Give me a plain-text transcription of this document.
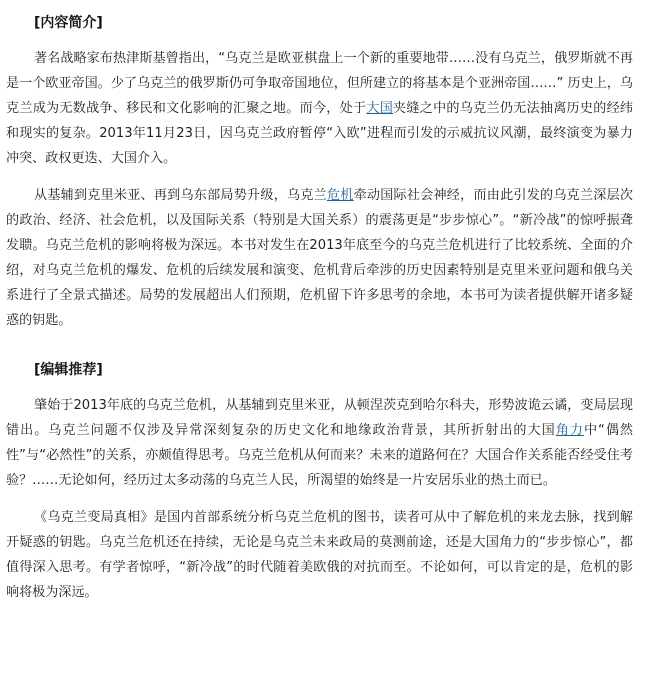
[内容简介]

著名战略家布热津斯基曾指出，“乌克兰是欧亚棋盘上一个新的重要地带……没有乌克兰，俄罗斯就不再是一个欧亚帝国。少了乌克兰的俄罗斯仍可争取帝国地位，但所建立的将基本是个亚洲帝国……” 历史上，乌克兰成为无数战争、移民和文化影响的汇聚之地。而今，处于大国夹缝之中的乌克兰仍无法抽离历史的经纬和现实的复杂。2013年11月23日，因乌克兰政府暂停“入欧”进程而引发的示威抗议风潮，最终演变为暴力冲突、政权更迭、大国介入。

从基辅到克里米亚、再到乌东部局势升级，乌克兰危机牵动国际社会神经，而由此引发的乌克兰深层次的政治、经济、社会危机，以及国际关系（特别是大国关系）的震荡更是“步步惊心”。“新冷战”的惊呼振聋发聩。乌克兰危机的影响将极为深远。本书对发生在2013年底至今的乌克兰危机进行了比较系统、全面的介绍，对乌克兰危机的爆发、危机的后续发展和演变、危机背后牵涉的历史因素特别是克里米亚问题和俄乌关系进行了全景式描述。局势的发展超出人们预期，危机留下许多思考的余地，本书可为读者提供解开诸多疑惑的钥匙。

[编辑推荐]

肇始于2013年底的乌克兰危机，从基辅到克里米亚，从顿涅茨克到哈尔科夫，形势波诡云谲，变局层现错出。乌克兰问题不仅涉及异常深刻复杂的历史文化和地缘政治背景，其所折射出的大国角力中“偶然性”与“必然性”的关系，亦颇值得思考。乌克兰危机从何而来？未来的道路何在？大国合作关系能否经受住考验？……无论如何，经历过太多动荡的乌克兰人民，所渴望的始终是一片安居乐业的热土而已。

《乌克兰变局真相》是国内首部系统分析乌克兰危机的图书，读者可从中了解危机的来龙去脉，找到解开疑惑的钥匙。乌克兰危机还在持续，无论是乌克兰未来政局的莫测前途，还是大国角力的“步步惊心”，都值得深入思考。有学者惊呼，“新冷战”的时代随着美欧俄的对抗而至。不论如何，可以肯定的是，危机的影响将极为深远。
